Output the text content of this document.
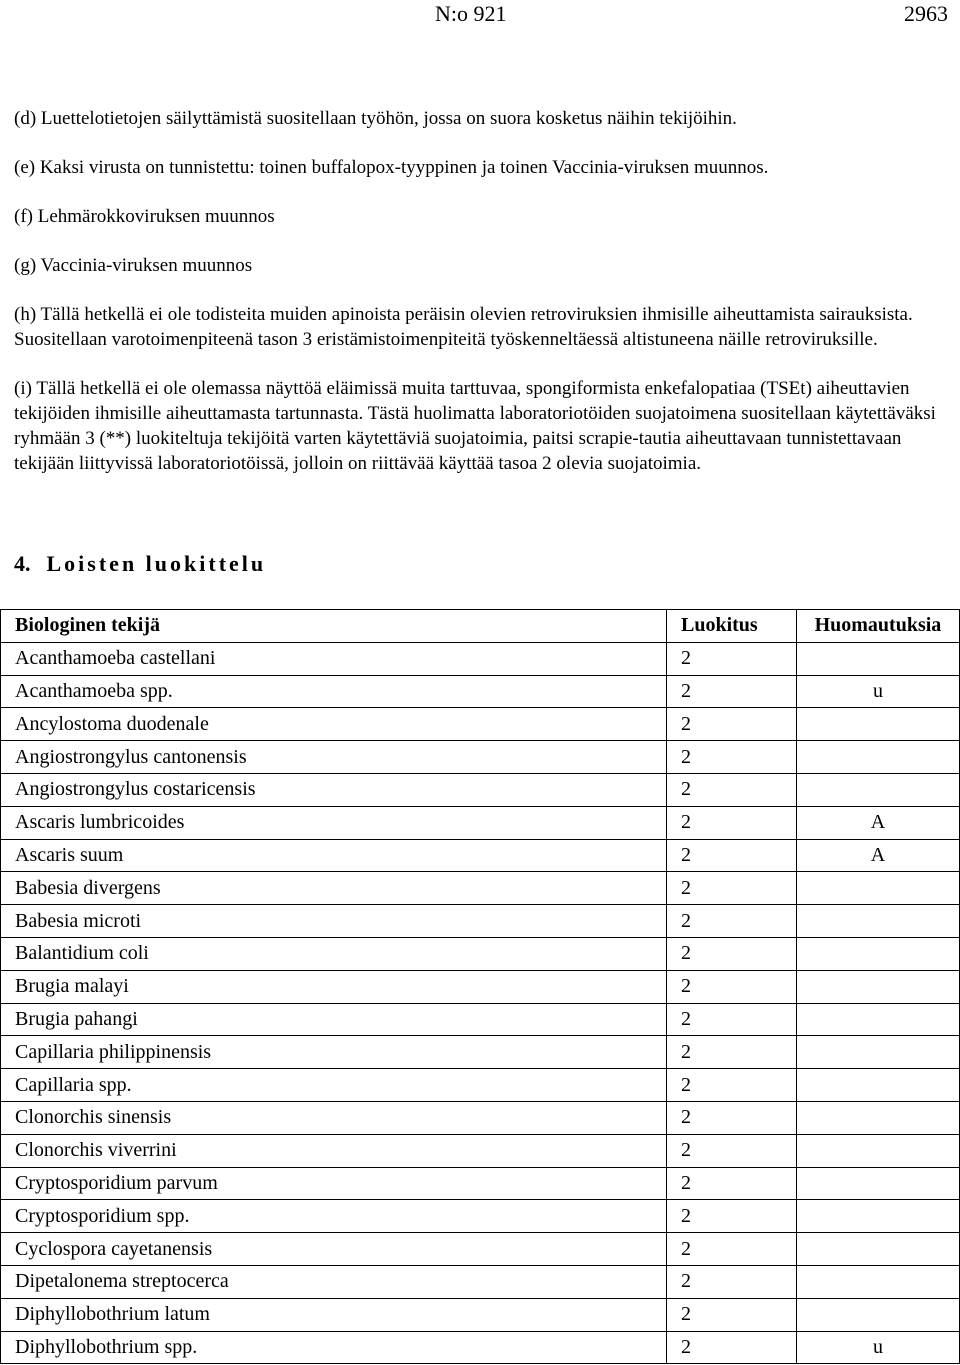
N:o 921	2963

(d) Luettelotietojen säilyttämistä suositellaan työhön, jossa on suora kosketus näihin tekijöihin.

(e) Kaksi virusta on tunnistettu: toinen buffalopox-tyyppinen ja toinen Vaccinia-viruksen muunnos.

(f) Lehmärokkoviruksen muunnos

(g) Vaccinia-viruksen muunnos

(h) Tällä hetkellä ei ole todisteita muiden apinoista peräisin olevien retroviruksien ihmisille aiheuttamista sairauksista. Suositellaan varotoimenpiteenä tason 3 eristämistoimenpiteitä työskenneltäessä altistuneena näille retroviruksille.

(i) Tällä hetkellä ei ole olemassa näyttöä eläimissä muita tarttuvaa, spongiformista enkefalopatiaa (TSEt) aiheuttavien tekijöiden ihmisille aiheuttamasta tartunnasta. Tästä huolimatta laboratoriotöiden suojatoimena suositellaan käytettäväksi ryhmään 3 (**) luokiteltuja tekijöitä varten käytettäviä suojatoimia, paitsi scrapie-tautia aiheuttavaan tunnistettavaan tekijään liittyvissä laboratoriotöissä, jolloin on riittävää käyttää tasoa 2 olevia suojatoimia.

4. Loisten luokittelu
Biologinen tekijä	Luokitus	Huomautuksia
Acanthamoeba castellani	2	
Acanthamoeba spp.	2	u
Ancylostoma duodenale	2	
Angiostrongylus cantonensis	2	
Angiostrongylus costaricensis	2	
Ascaris lumbricoides	2	A
Ascaris suum	2	A
Babesia divergens	2	
Babesia microti	2	
Balantidium coli	2	
Brugia malayi	2	
Brugia pahangi	2	
Capillaria philippinensis	2	
Capillaria spp.	2	
Clonorchis sinensis	2	
Clonorchis viverrini	2	
Cryptosporidium parvum	2	
Cryptosporidium spp.	2	
Cyclospora cayetanensis	2	
Dipetalonema streptocerca	2	
Diphyllobothrium latum	2	
Diphyllobothrium spp.	2	u
